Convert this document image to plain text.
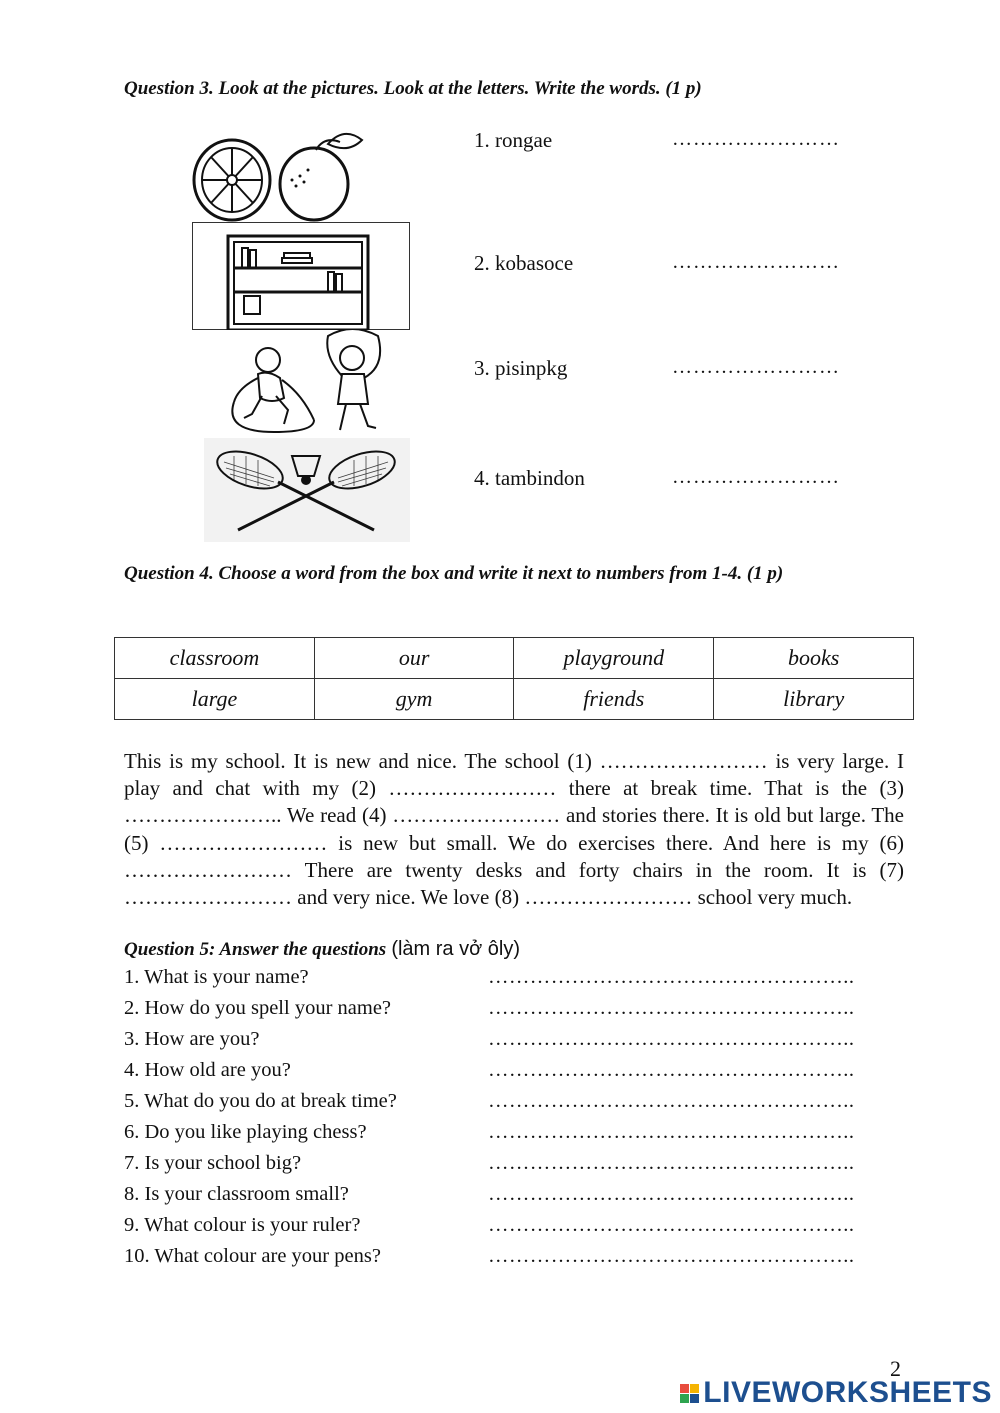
Question 3. Look at the pictures. Look at the letters. Write the words. (1 p)
1. rongae	……………………
2. kobasoce	……………………
3. pisinpkg	……………………
4. tambindon	……………………
Question 4. Choose a word from the box and write it next to numbers from 1-4. (1 p)
classroom	our	playground	books
large	gym	friends	library
This is my school. It is new and nice. The school (1) …………………… is very large. I play and chat with my (2) …………………… there at break time. That is the (3) ………………….. We read (4) …………………… and stories there. It is old but large. The (5) …………………… is new but small. We do exercises there. And here is my (6) …………………… There are twenty desks and forty chairs in the room. It is (7) …………………… and very nice. We love (8) …………………… school very much.
Question 5: Answer the questions (làm ra vở ôly)
1. What is your name?	……………………………………………..
2. How do you spell your name?	……………………………………………..
3. How are you?	……………………………………………..
4. How old are you?	……………………………………………..
5. What do you do at break time?	……………………………………………..
6. Do you like playing chess?	……………………………………………..
7. Is your school big?	……………………………………………..
8. Is your classroom small?	……………………………………………..
9. What colour is your ruler?	……………………………………………..
10. What colour are your pens?	……………………………………………..
2
LIVEWORKSHEETS
